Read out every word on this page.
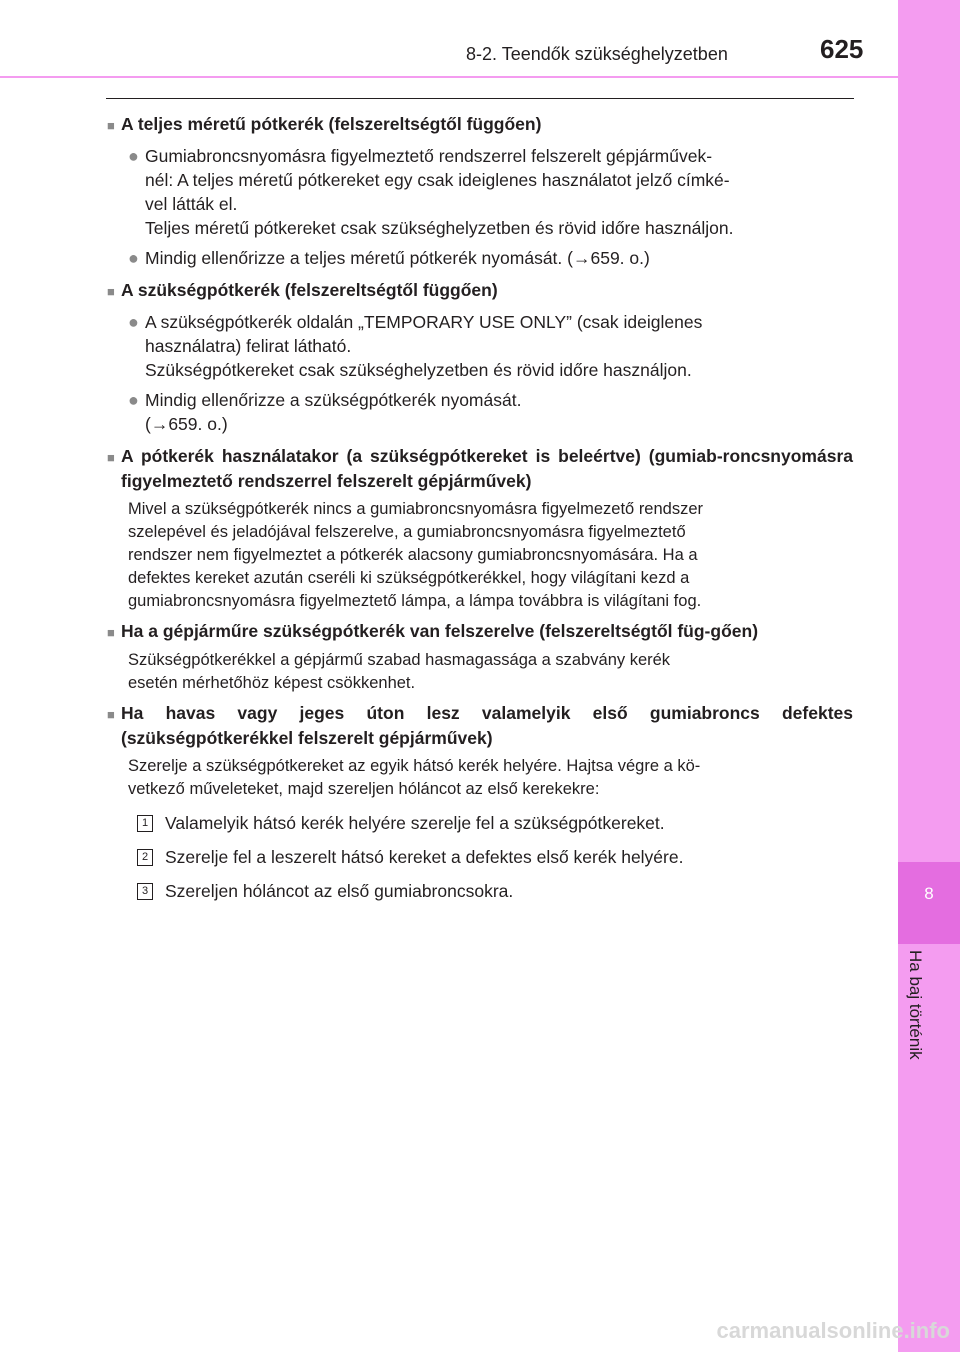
8
Ha baj történik
8-2. Teendők szükséghelyzetben	625
■ A teljes méretű pótkerék (felszereltségtől függően)
● Gumiabroncsnyomásra figyelmeztető rendszerrel felszerelt gépjárművek-
nél: A teljes méretű pótkereket egy csak ideiglenes használatot jelző címké-
vel látták el.
Teljes méretű pótkereket csak szükséghelyzetben és rövid időre használjon.
● Mindig ellenőrizze a teljes méretű pótkerék nyomását. (→659. o.)
■ A szükségpótkerék (felszereltségtől függően)
● A szükségpótkerék oldalán „TEMPORARY USE ONLY” (csak ideiglenes
használatra) felirat látható.
Szükségpótkereket csak szükséghelyzetben és rövid időre használjon.
● Mindig ellenőrizze a szükségpótkerék nyomását.
(→659. o.)
■ A pótkerék használatakor (a szükségpótkereket is beleértve) (gumiab-roncsnyomásra figyelmeztető rendszerrel felszerelt gépjárművek)
Mivel a szükségpótkerék nincs a gumiabroncsnyomásra figyelmezető rendszer
szelepével és jeladójával felszerelve, a gumiabroncsnyomásra figyelmeztető
rendszer nem figyelmeztet a pótkerék alacsony gumiabroncsnyomására. Ha a
defektes kereket azután cseréli ki szükségpótkerékkel, hogy világítani kezd a
gumiabroncsnyomásra figyelmeztető lámpa, a lámpa továbbra is világítani fog.
■ Ha a gépjárműre szükségpótkerék van felszerelve (felszereltségtől füg-gően)
Szükségpótkerékkel a gépjármű szabad hasmagassága a szabvány kerék
esetén mérhetőhöz képest csökkenhet.
■ Ha havas vagy jeges úton lesz valamelyik első gumiabroncs defektes (szükségpótkerékkel felszerelt gépjárművek)
Szerelje a szükségpótkereket az egyik hátsó kerék helyére. Hajtsa végre a kö-
vetkező műveleteket, majd szereljen hóláncot az első kerekekre:
1 Valamelyik hátsó kerék helyére szerelje fel a szükségpótkereket.
2 Szerelje fel a leszerelt hátsó kereket a defektes első kerék helyére.
3 Szereljen hóláncot az első gumiabroncsokra.
carmanualsonline.info
